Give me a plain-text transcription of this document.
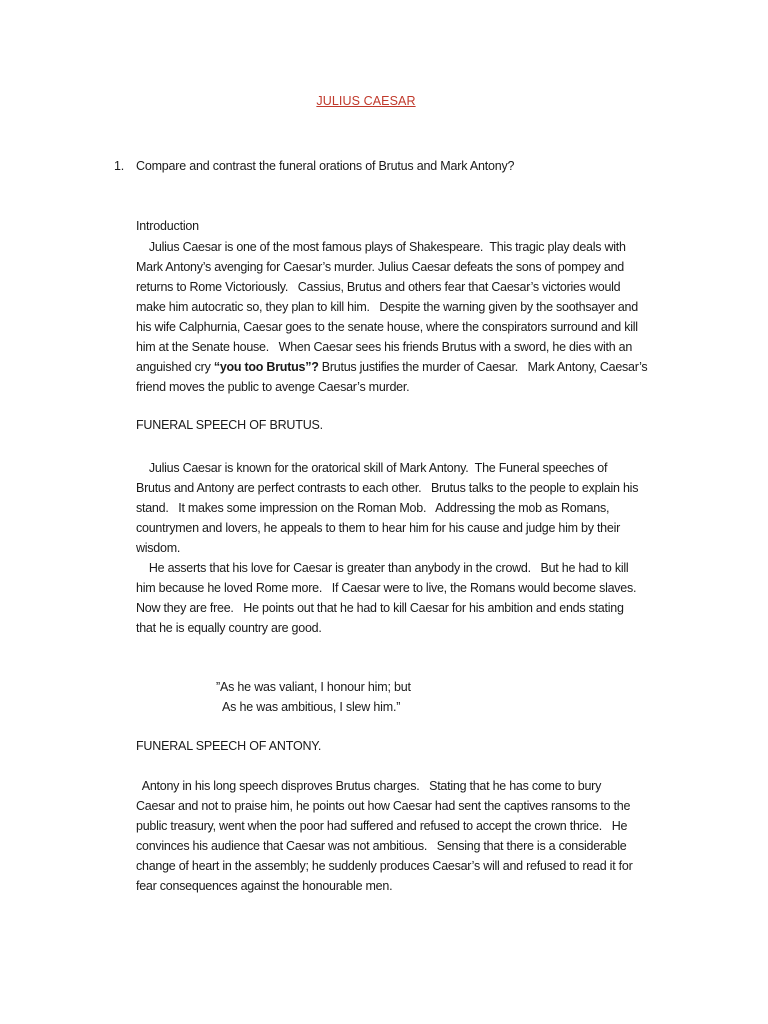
JULIUS CAESAR
1. Compare and contrast the funeral orations of Brutus and Mark Antony?
Introduction
Julius Caesar is one of the most famous plays of Shakespeare.  This tragic play deals with
Mark Antony’s avenging for Caesar’s murder. Julius Caesar defeats the sons of pompey and
returns to Rome Victoriously.   Cassius, Brutus and others fear that Caesar’s victories would
make him autocratic so, they plan to kill him.   Despite the warning given by the soothsayer and
his wife Calphurnia, Caesar goes to the senate house, where the conspirators surround and kill
him at the Senate house.   When Caesar sees his friends Brutus with a sword, he dies with an
anguished cry “you too Brutus”? Brutus justifies the murder of Caesar.   Mark Antony, Caesar’s
friend moves the public to avenge Caesar’s murder.
FUNERAL SPEECH OF BRUTUS.
Julius Caesar is known for the oratorical skill of Mark Antony.  The Funeral speeches of
Brutus and Antony are perfect contrasts to each other.   Brutus talks to the people to explain his
stand.   It makes some impression on the Roman Mob.   Addressing the mob as Romans,
countrymen and lovers, he appeals to them to hear him for his cause and judge him by their
wisdom.
He asserts that his love for Caesar is greater than anybody in the crowd.   But he had to kill
him because he loved Rome more.   If Caesar were to live, the Romans would become slaves.
Now they are free.   He points out that he had to kill Caesar for his ambition and ends stating
that he is equally country are good.
”As he was valiant, I honour him; but
As he was ambitious, I slew him.”
FUNERAL SPEECH OF ANTONY.
Antony in his long speech disproves Brutus charges.   Stating that he has come to bury
Caesar and not to praise him, he points out how Caesar had sent the captives ransoms to the
public treasury, went when the poor had suffered and refused to accept the crown thrice.   He
convinces his audience that Caesar was not ambitious.   Sensing that there is a considerable
change of heart in the assembly; he suddenly produces Caesar’s will and refused to read it for
fear consequences against the honourable men.
